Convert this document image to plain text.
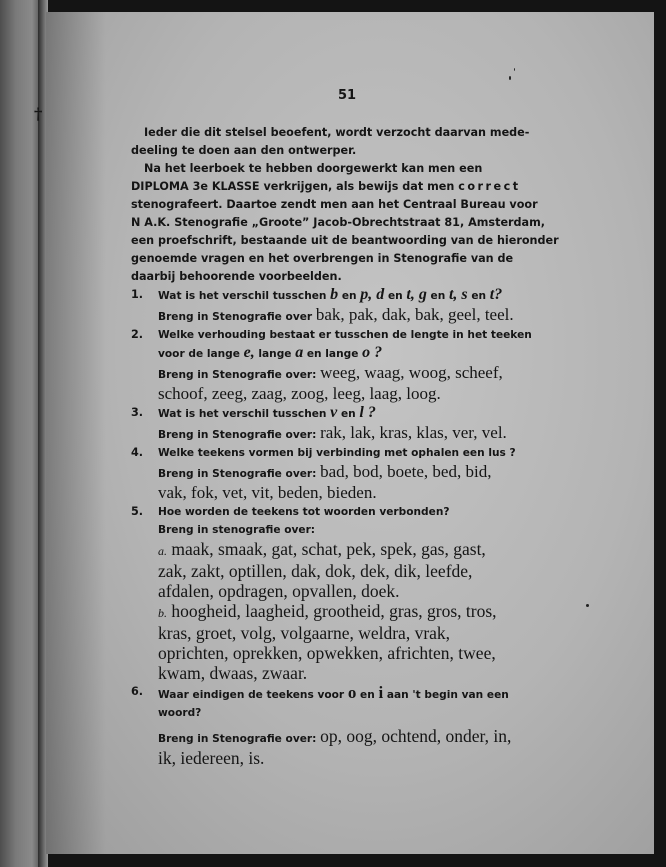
†
51

Ieder die dit stelsel beoefent, wordt verzocht daarvan mede-

deeling te doen aan den ontwerper.

Na het leerboek te hebben doorgewerkt kan men een

DIPLOMA 3e KLASSE verkrijgen, als bewijs dat men correct

stenografeert. Daartoe zendt men aan het Centraal Bureau voor

N A.K. Stenografie „Groote” Jacob-Obrechtstraat 81, Amsterdam,

een proefschrift, bestaande uit de beantwoording van de hieronder

genoemde vragen en het overbrengen in Stenografie van de

daarbij behoorende voorbeelden.

1. Wat is het verschil tusschen b en p, d en t, g en t, s en t?

Breng in Stenografie over bak, pak, dak, bak, geel, teel.

2. Welke verhouding bestaat er tusschen de lengte in het teeken

voor de lange e, lange a en lange o ?

Breng in Stenografie over: weeg, waag, woog, scheef,

schoof, zeeg, zaag, zoog, leeg, laag, loog.

3. Wat is het verschil tusschen v en l ?

Breng in Stenografie over: rak, lak, kras, klas, ver, vel.

4. Welke teekens vormen bij verbinding met ophalen een lus ?

Breng in Stenografie over: bad, bod, boete, bed, bid,

vak, fok, vet, vit, beden, bieden.

5. Hoe worden de teekens tot woorden verbonden?

Breng in stenografie over:

a. maak, smaak, gat, schat, pek, spek, gas, gast,

zak, zakt, optillen, dak, dok, dek, dik, leefde,

afdalen, opdragen, opvallen, doek.

b. hoogheid, laagheid, grootheid, gras, gros, tros,

kras, groet, volg, volgaarne, weldra, vrak,

oprichten, oprekken, opwekken, africhten, twee,

kwam, dwaas, zwaar.

6. Waar eindigen de teekens voor o en i aan 't begin van een

woord?

Breng in Stenografie over: op, oog, ochtend, onder, in,

ik, iedereen, is.
